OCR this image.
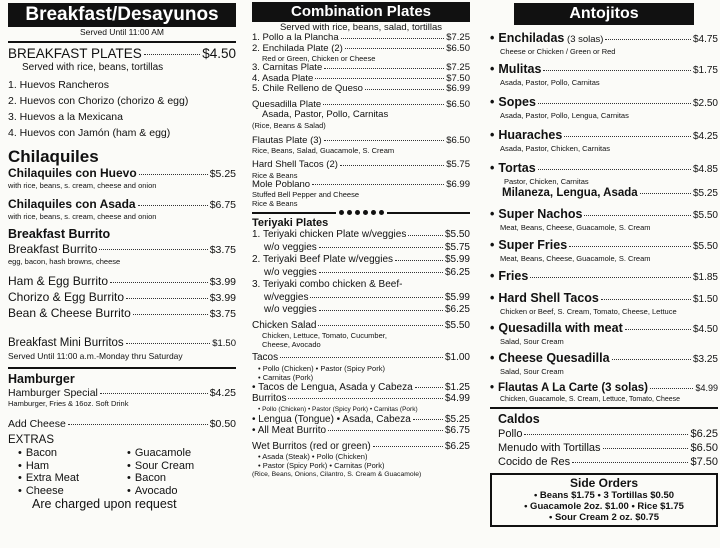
Breakfast/Desayunos
Served Until 11:00 AM
BREAKFAST PLATES	$4.50
Served with rice, beans, tortillas
1. Huevos Rancheros
2. Huevos con Chorizo (chorizo & egg)
3. Huevos a la Mexicana
4. Huevos con Jamón (ham & egg)
Chilaquiles
Chilaquiles con Huevo	$5.25
with rice, beans, s. cream, cheese and onion
Chilaquiles con Asada	$6.75
with rice, beans, s. cream, cheese and onion
Breakfast Burrito
Breakfast Burrito	$3.75
egg, bacon, hash browns, cheese
Ham & Egg Burrito	$3.99
Chorizo & Egg Burrito	$3.99
Bean & Cheese Burrito	$3.75
Breakfast Mini Burritos	$1.50
Served Until 11:00 a.m.-Monday thru Saturday
Hamburger
Hamburger Special	$4.25
Hamburger, Fries & 16oz. Soft Drink
Add Cheese	$0.50
EXTRAS
• Bacon	• Guacamole
• Ham	• Sour Cream
• Extra Meat	• Bacon
• Cheese	• Avocado
Are charged upon request
Combination Plates
Served with rice, beans, salad, tortillas
1. Pollo a la Plancha	$7.25
2. Enchilada Plate (2)	$6.50
Red or Green, Chicken or Cheese
3. Carnitas Plate	$7.25
4. Asada Plate	$7.50
5. Chile Relleno de Queso	$6.99
Quesadilla Plate	$6.50
Asada, Pastor, Pollo, Carnitas
(Rice, Beans & Salad)
Flautas Plate (3)	$6.50
Rice, Beans, Salad, Guacamole, S. Cream
Hard Shell Tacos (2)	$5.75
Rice & Beans
Mole Poblano	$6.99
Stuffed Bell Pepper and Cheese
Rice & Beans
Teriyaki Plates
1. Teriyaki chicken Plate w/veggies	$5.50
w/o veggies	$5.75
2. Teriyaki Beef Plate w/veggies	$5.99
w/o veggies	$6.25
3. Teriyaki combo chicken & Beef-
w/veggies	$5.99
w/o veggies	$6.25
Chicken Salad	$5.50
Chicken, Lettuce, Tomato, Cucumber,
Cheese, Avocado
Tacos	$1.00
• Pollo (Chicken) • Pastor (Spicy Pork)
• Carnitas (Pork)
• Tacos de Lengua, Asada y Cabeza	$1.25
Burritos	$4.99
• Pollo (Chicken) • Pastor (Spicy Pork) • Carnitas (Pork)
• Lengua (Tongue) • Asada, Cabeza	$5.25
• All Meat Burrito	$6.75
Wet Burritos (red or green)	$6.25
• Asada (Steak) • Pollo (Chicken)
• Pastor (Spicy Pork) • Carnitas (Pork)
(Rice, Beans, Onions, Cilantro, S. Cream & Guacamole)
Antojitos
• Enchiladas (3 solas)	$4.75
Cheese or Chicken / Green or Red
• Mulitas	$1.75
Asada, Pastor, Pollo, Carnitas
• Sopes	$2.50
Asada, Pastor, Pollo, Lengua, Carnitas
• Huaraches	$4.25
Asada, Pastor, Chicken, Carnitas
• Tortas	$4.85
Pastor, Chicken, Carnitas
Milaneza, Lengua, Asada	$5.25
• Super Nachos	$5.50
Meat, Beans, Cheese, Guacamole, S. Cream
• Super Fries	$5.50
Meat, Beans, Cheese, Guacamole, S. Cream
• Fries	$1.85
• Hard Shell Tacos	$1.50
Chicken or Beef, S. Cream, Tomato, Cheese, Lettuce
• Quesadilla with meat	$4.50
Salad, Sour Cream
• Cheese Quesadilla	$3.25
Salad, Sour Cream
• Flautas A La Carte (3 solas)	$4.99
Chicken, Guacamole, S. Cream, Lettuce, Tomato, Cheese
Caldos
Pollo	$6.25
Menudo with Tortillas	$6.50
Cocido de Res	$7.50
Side Orders
• Beans $1.75 • 3 Tortillas $0.50
• Guacamole 2oz. $1.00 • Rice $1.75
• Sour Cream 2 oz. $0.75
